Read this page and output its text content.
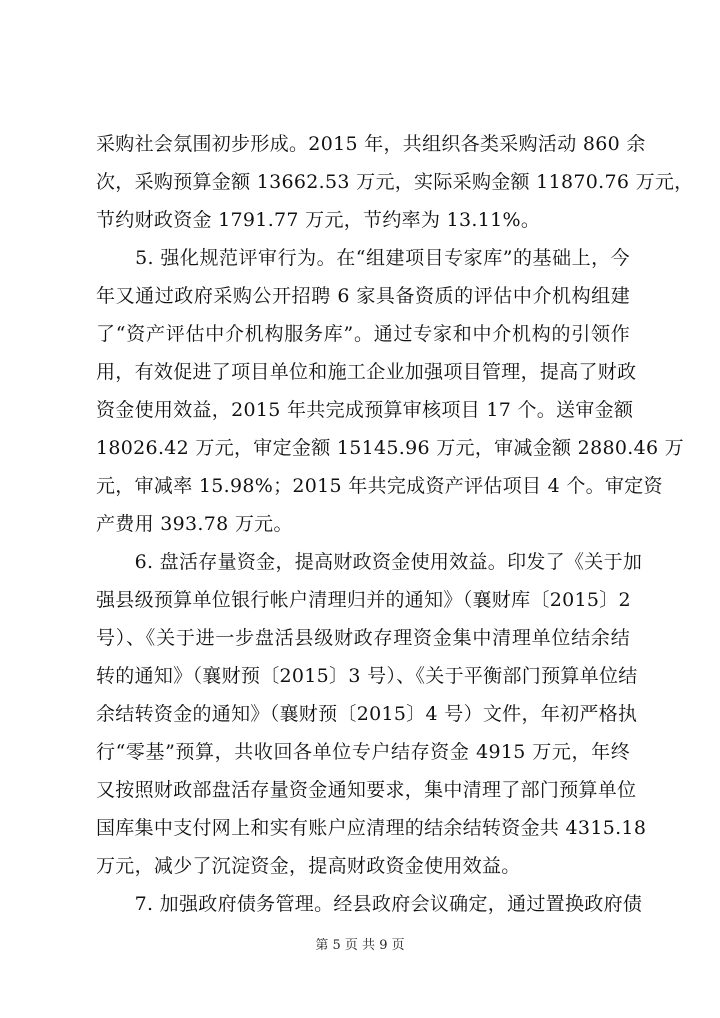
采购社会氛围初步形成。2015 年，共组织各类采购活动 860 余
次，采购预算金额 13662.53 万元，实际采购金额 11870.76 万元，
节约财政资金 1791.77 万元，节约率为 13.11%。
　　5. 强化规范评审行为。在“组建项目专家库”的基础上，今
年又通过政府采购公开招聘 6 家具备资质的评估中介机构组建
了“资产评估中介机构服务库”。通过专家和中介机构的引领作
用，有效促进了项目单位和施工企业加强项目管理，提高了财政
资金使用效益，2015 年共完成预算审核项目 17 个。送审金额
18026.42 万元，审定金额 15145.96 万元，审减金额 2880.46 万
元，审减率 15.98%；2015 年共完成资产评估项目 4 个。审定资
产费用 393.78 万元。
　　6. 盘活存量资金，提高财政资金使用效益。印发了《关于加
强县级预算单位银行帐户清理归并的通知》（襄财库〔2015〕2
号）、《关于进一步盘活县级财政存理资金集中清理单位结余结
转的通知》（襄财预〔2015〕3 号）、《关于平衡部门预算单位结
余结转资金的通知》（襄财预〔2015〕4 号）文件，年初严格执
行“零基”预算，共收回各单位专户结存资金 4915 万元，年终
又按照财政部盘活存量资金通知要求，集中清理了部门预算单位
国库集中支付网上和实有账户应清理的结余结转资金共 4315.18
万元，减少了沉淀资金，提高财政资金使用效益。
　　7. 加强政府债务管理。经县政府会议确定，通过置换政府债
第 5 页 共 9 页
